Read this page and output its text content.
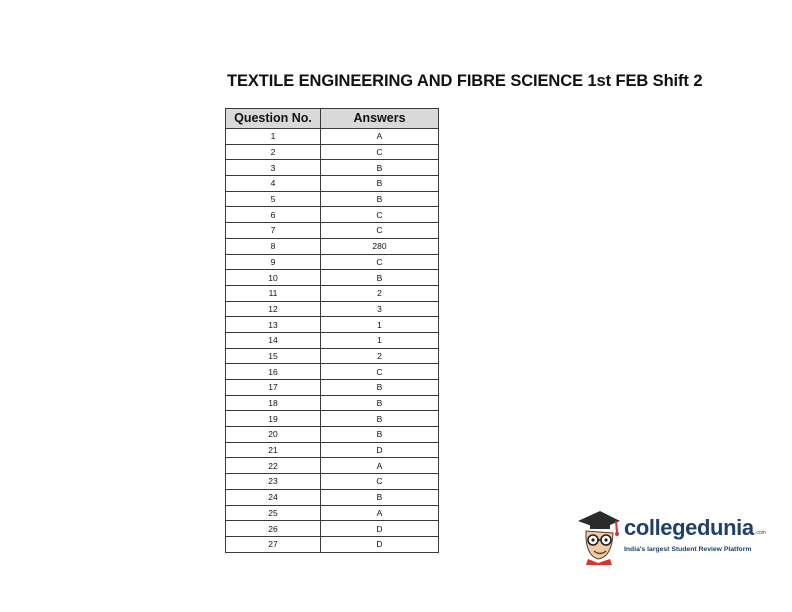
TEXTILE ENGINEERING AND FIBRE SCIENCE 1st FEB Shift 2
Question No.	Answers
1	A
2	C
3	B
4	B
5	B
6	C
7	C
8	280
9	C
10	B
11	2
12	3
13	1
14	1
15	2
16	C
17	B
18	B
19	B
20	B
21	D
22	A
23	C
24	B
25	A
26	D
27	D
collegedunia .com
India's largest Student Review Platform
